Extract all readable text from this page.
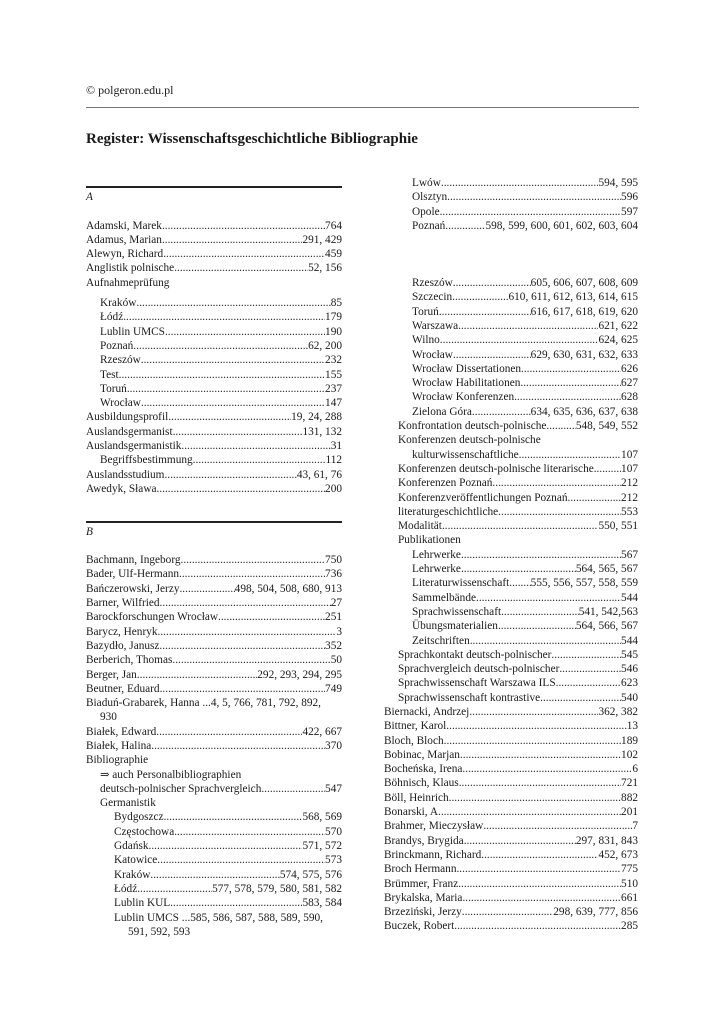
© polgeron.edu.pl
Register: Wissenschaftsgeschichtliche Bibliographie
A
Adamski, Marek .....	764
Adamus, Marian .....	291, 429
Alewyn, Richard .....	459
Anglistik polnische .....	52, 156
Aufnahmeprüfung
Kraków .....	85
Łódź .....	179
Lublin UMCS .....	190
Poznań .....	62, 200
Rzeszów .....	232
Test .....	155
Toruń .....	237
Wrocław .....	147
Ausbildungsprofil .....	19, 24, 288
Auslandsgermanist .....	131, 132
Auslandsgermanistik .....	31
Begriffsbestimmung .....	112
Auslandsstudium .....	43, 61, 76
Awedyk, Sława .....	200
B
Bachmann, Ingeborg .....	750
Bader, Ulf-Hermann .....	736
Bańczerowski, Jerzy .....	498, 504, 508, 680, 913
Barner, Wilfried .....	27
Barockforschungen Wrocław .....	251
Barycz, Henryk .....	3
Bazydło, Janusz .....	352
Berberich, Thomas .....	50
Berger, Jan .....	292, 293, 294, 295
Beutner, Eduard .....	749
Biaduń-Grabarek, Hanna ...4, 5, 766, 781, 792, 892,
930
Białek, Edward .....	422, 667
Białek, Halina .....	370
Bibliographie
⇒ auch Personalbibliographien
deutsch-polnischer Sprachvergleich .....	547
Germanistik
Bydgoszcz .....	568, 569
Częstochowa .....	570
Gdańsk .....	571, 572
Katowice .....	573
Kraków .....	574, 575, 576
Łódź .....	577, 578, 579, 580, 581, 582
Lublin KUL .....	583, 584
Lublin UMCS ...585, 586, 587, 588, 589, 590,
591, 592, 593
Lwów .....	594, 595
Olsztyn .....	596
Opole .....	597
Poznań .....	598, 599, 600, 601, 602, 603, 604
Rzeszów .....	605, 606, 607, 608, 609
Szczecin .....	610, 611, 612, 613, 614, 615
Toruń .....	616, 617, 618, 619, 620
Warszawa .....	621, 622
Wilno .....	624, 625
Wrocław .....	629, 630, 631, 632, 633
Wrocław Dissertationen .....	626
Wrocław Habilitationen .....	627
Wrocław Konferenzen .....	628
Zielona Góra .....	634, 635, 636, 637, 638
Konfrontation deutsch-polnische .....	548, 549, 552
Konferenzen deutsch-polnische
kulturwissenschaftliche .....	107
Konferenzen deutsch-polnische literarische ..... 107
Konferenzen Poznań .....	212
Konferenzveröffentlichungen Poznań .....	212
literaturgeschichtliche .....	553
Modalität .....	550, 551
Publikationen
Lehrwerke .....	567
Lehrwerke .....	564, 565, 567
Literaturwissenschaft ..... 555, 556, 557, 558, 559
Sammelbände .....	544
Sprachwissenschaft .....	541, 542,563
Übungsmaterialien .....	564, 566, 567
Zeitschriften .....	544
Sprachkontakt deutsch-polnischer .....	545
Sprachvergleich deutsch-polnischer .....	546
Sprachwissenschaft Warszawa ILS .....	623
Sprachwissenschaft kontrastive .....	540
Biernacki, Andrzej .....	362, 382
Bittner, Karol .....	13
Bloch, Bloch .....	189
Bobinac, Marjan .....	102
Bocheńska, Irena .....	6
Böhnisch, Klaus .....	721
Böll, Heinrich .....	882
Bonarski, A. .....	201
Brahmer, Mieczysław .....	7
Brandys, Brygida .....	297, 831, 843
Brinckmann, Richard .....	452, 673
Broch Hermann .....	775
Brümmer, Franz .....	510
Brykalska, Maria .....	661
Brzeziński, Jerzy .....	298, 639, 777, 856
Buczek, Robert .....	285
